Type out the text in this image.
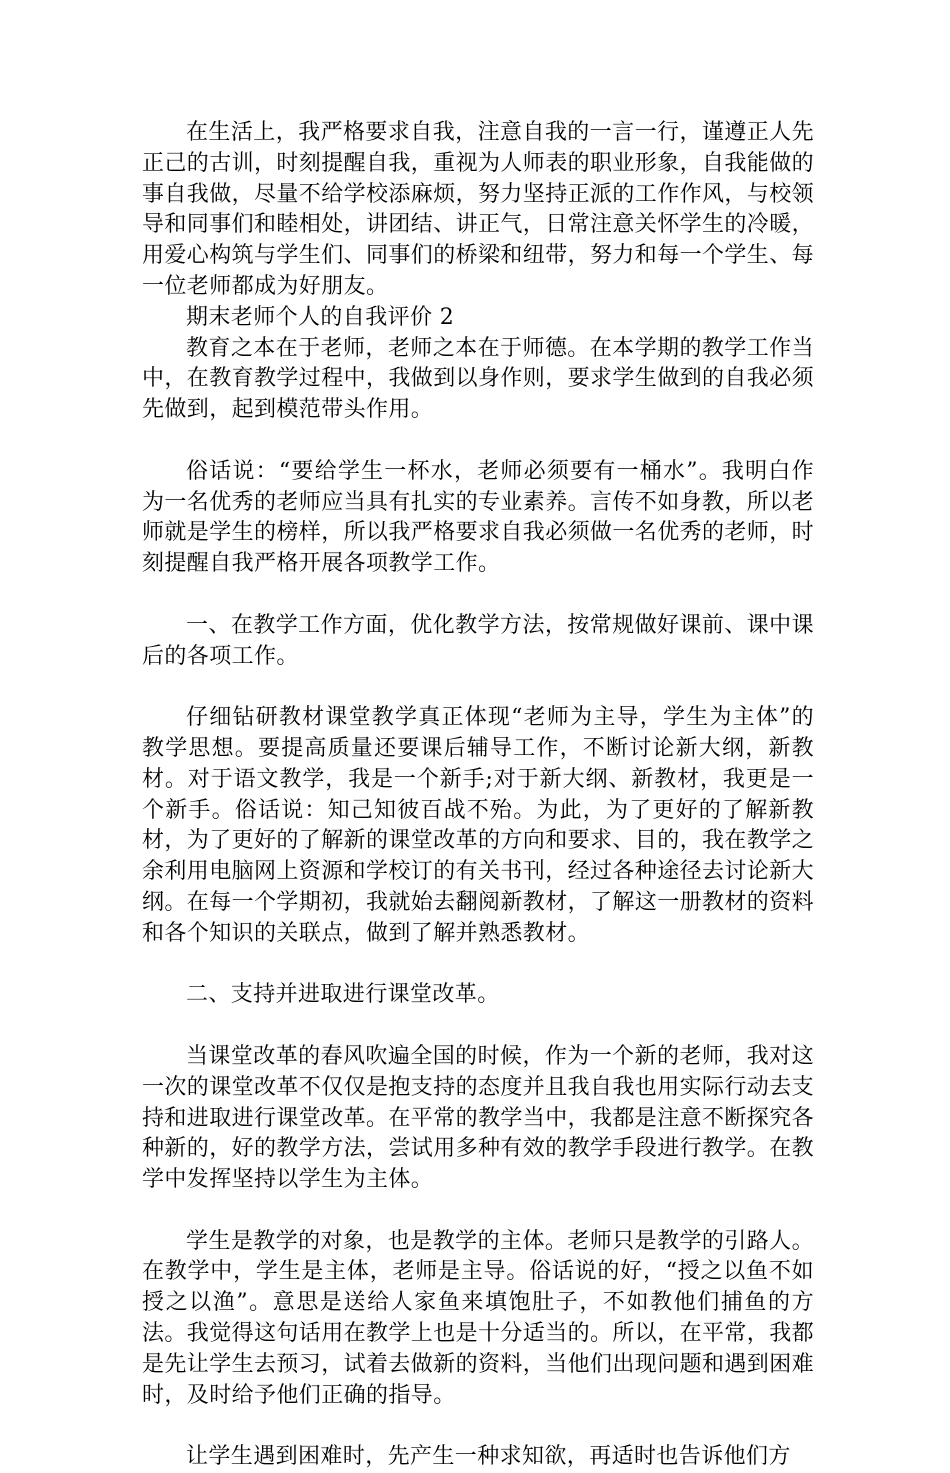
在生活上，我严格要求自我，注意自我的一言一行，谨遵正人先正己的古训，时刻提醒自我，重视为人师表的职业形象，自我能做的事自我做，尽量不给学校添麻烦，努力坚持正派的工作作风，与校领导和同事们和睦相处，讲团结、讲正气，日常注意关怀学生的冷暖，用爱心构筑与学生们、同事们的桥梁和纽带，努力和每一个学生、每一位老师都成为好朋友。

期末老师个人的自我评价 2

教育之本在于老师，老师之本在于师德。在本学期的教学工作当中，在教育教学过程中，我做到以身作则，要求学生做到的自我必须先做到，起到模范带头作用。

俗话说：“要给学生一杯水，老师必须要有一桶水”。我明白作为一名优秀的老师应当具有扎实的专业素养。言传不如身教，所以老师就是学生的榜样，所以我严格要求自我必须做一名优秀的老师，时刻提醒自我严格开展各项教学工作。

一、在教学工作方面，优化教学方法，按常规做好课前、课中课后的各项工作。

仔细钻研教材课堂教学真正体现“老师为主导，学生为主体”的教学思想。要提高质量还要课后辅导工作，不断讨论新大纲，新教材。对于语文教学，我是一个新手;对于新大纲、新教材，我更是一个新手。俗话说：知己知彼百战不殆。为此，为了更好的了解新教材，为了更好的了解新的课堂改革的方向和要求、目的，我在教学之余利用电脑网上资源和学校订的有关书刊，经过各种途径去讨论新大纲。在每一个学期初，我就始去翻阅新教材，了解这一册教材的资料和各个知识的关联点，做到了解并熟悉教材。

二、支持并进取进行课堂改革。

当课堂改革的春风吹遍全国的时候，作为一个新的老师，我对这一次的课堂改革不仅仅是抱支持的态度并且我自我也用实际行动去支持和进取进行课堂改革。在平常的教学当中，我都是注意不断探究各种新的，好的教学方法，尝试用多种有效的教学手段进行教学。在教学中发挥坚持以学生为主体。

学生是教学的对象，也是教学的主体。老师只是教学的引路人。在教学中，学生是主体，老师是主导。俗话说的好，“授之以鱼不如授之以渔”。意思是送给人家鱼来填饱肚子，不如教他们捕鱼的方法。我觉得这句话用在教学上也是十分适当的。所以，在平常，我都是先让学生去预习，试着去做新的资料，当他们出现问题和遇到困难时，及时给予他们正确的指导。

让学生遇到困难时，先产生一种求知欲，再适时也告诉他们方
